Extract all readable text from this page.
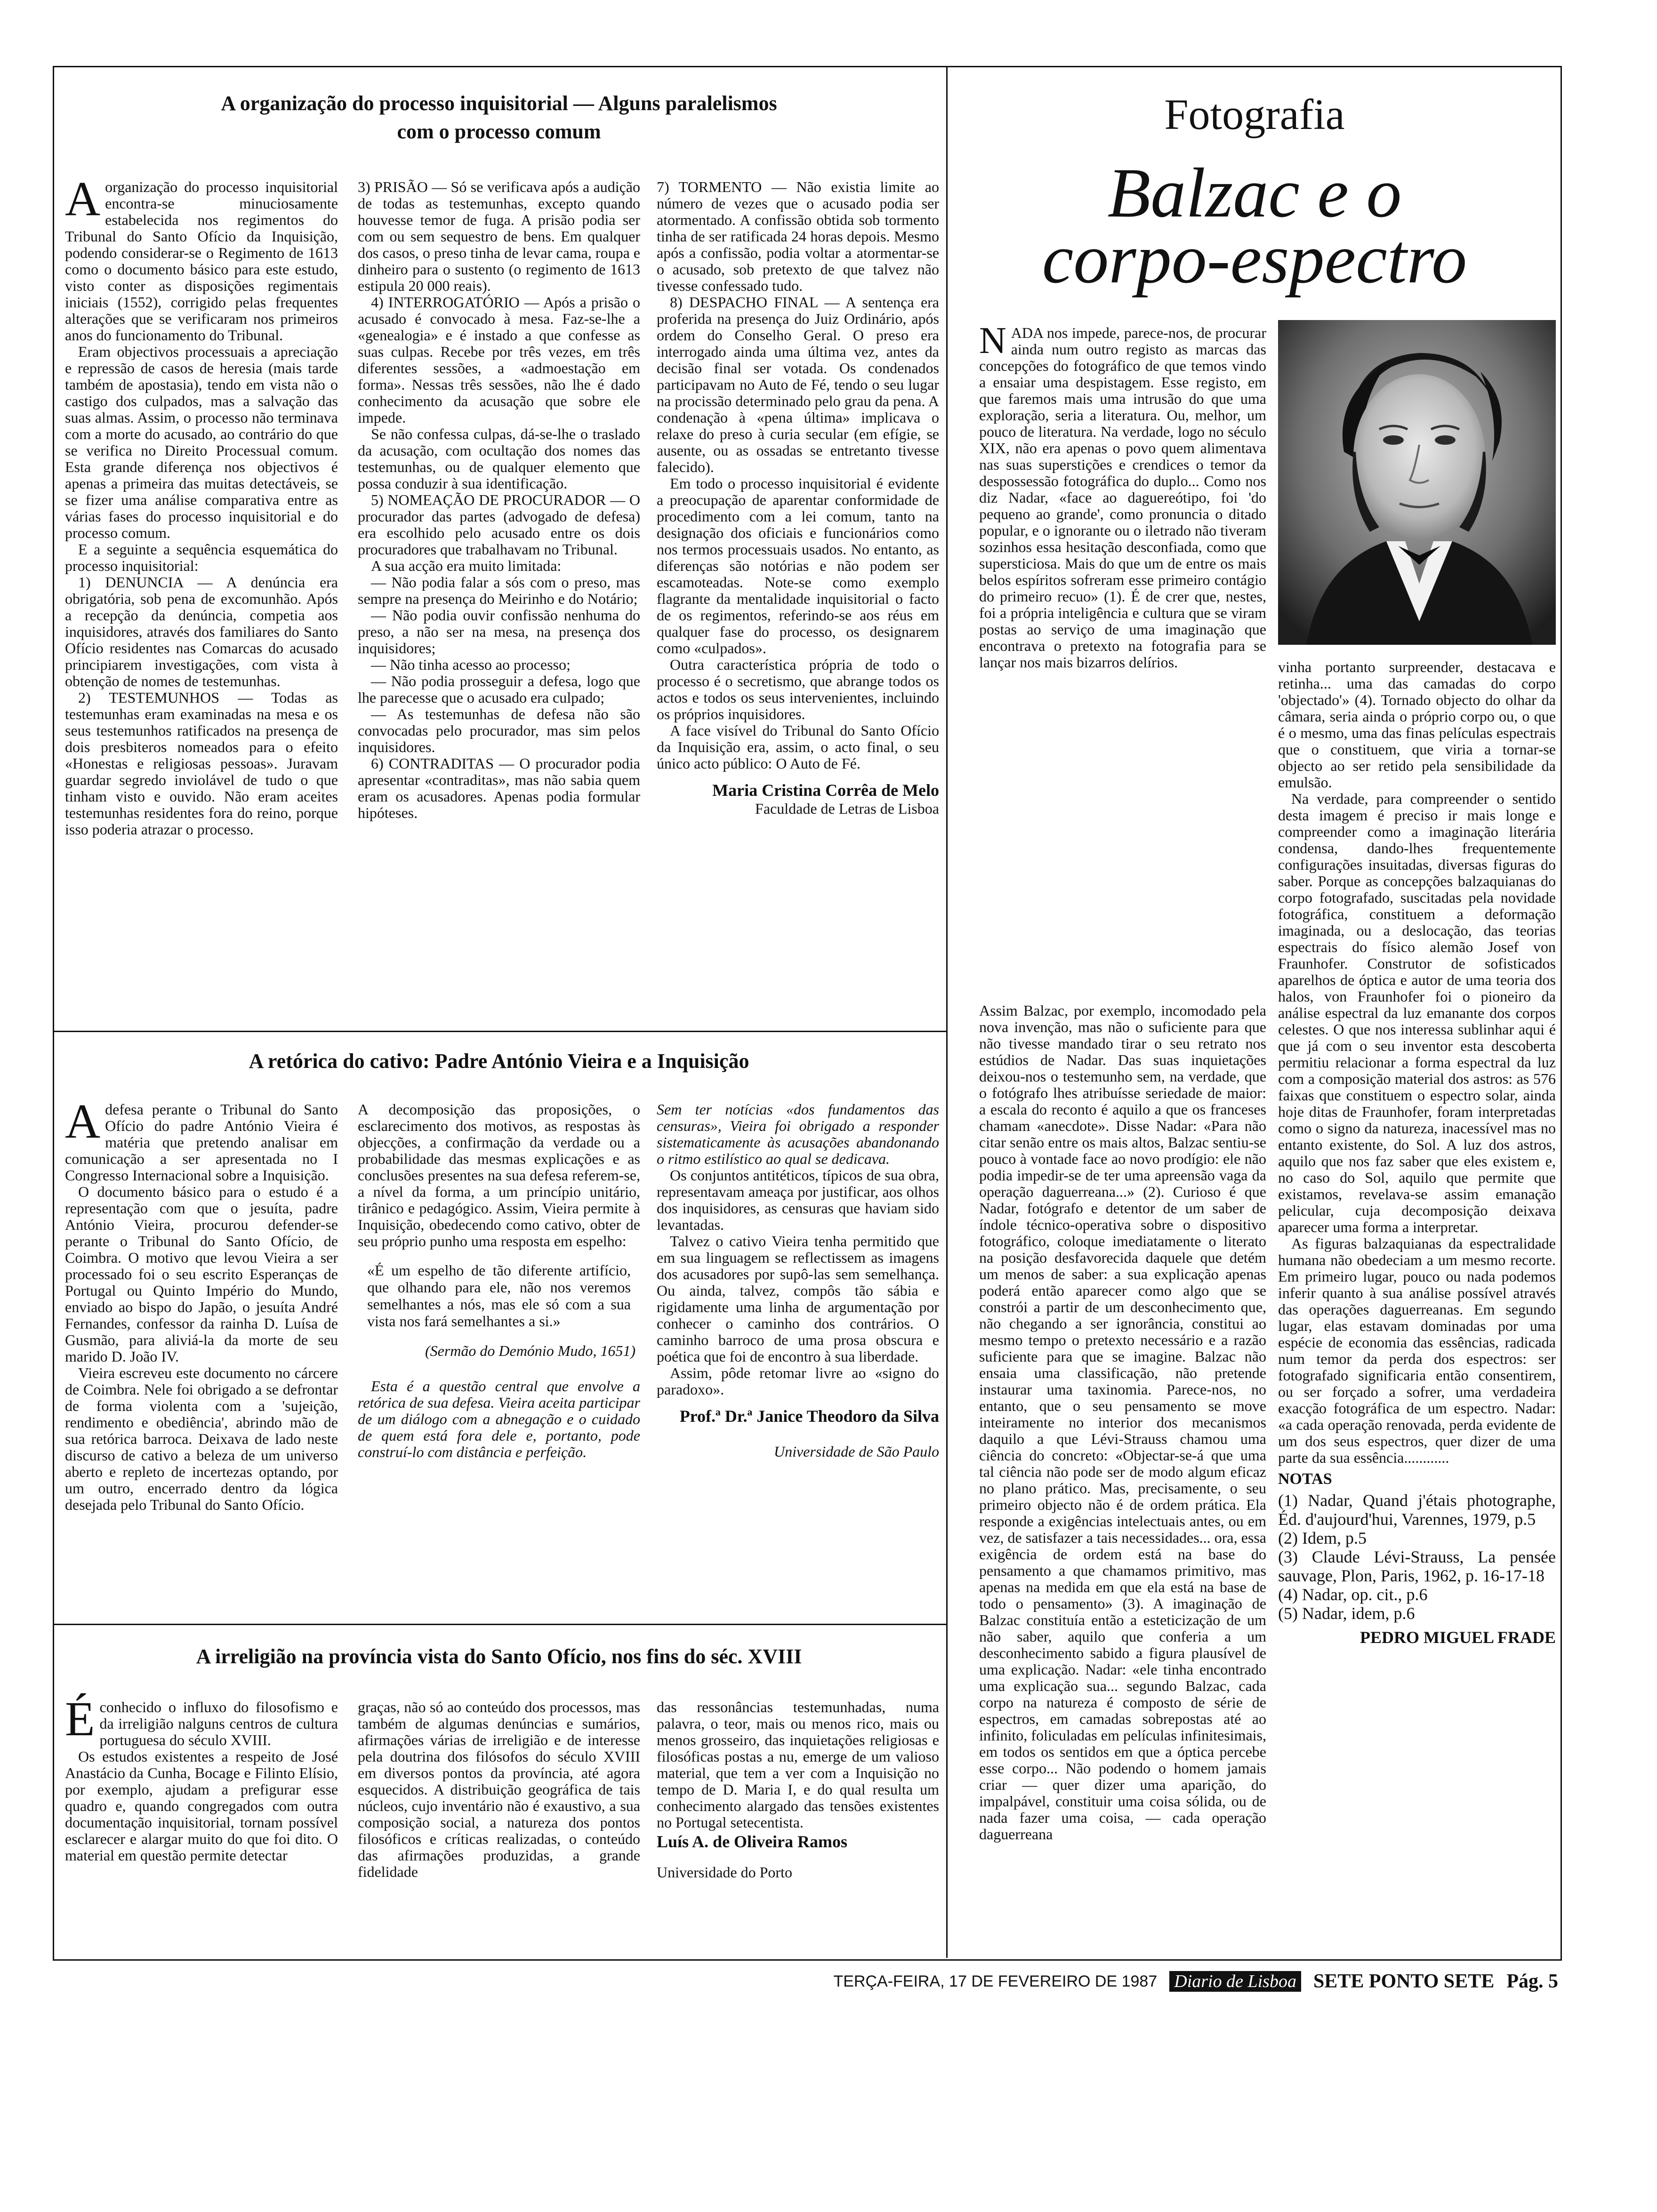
A organização do processo inquisitorial — Alguns paralelismos
com o processo comum

Aorganização do processo inquisitorial encontra-se minuciosamente estabelecida nos regimentos do Tribunal do Santo Ofício da Inquisição, podendo considerar-se o Regimento de 1613 como o documento básico para este estudo, visto conter as disposições regimentais iniciais (1552), corrigido pelas frequentes alterações que se verificaram nos primeiros anos do funcionamento do Tribunal.

Eram objectivos processuais a apreciação e repressão de casos de heresia (mais tarde também de apostasia), tendo em vista não o castigo dos culpados, mas a salvação das suas almas. Assim, o processo não terminava com a morte do acusado, ao contrário do que se verifica no Direito Processual comum. Esta grande diferença nos objectivos é apenas a primeira das muitas detectáveis, se se fizer uma análise comparativa entre as várias fases do processo inquisitorial e do processo comum.

E a seguinte a sequência esquemática do processo inquisitorial:

1) DENUNCIA — A denúncia era obrigatória, sob pena de excomunhão. Após a recepção da denúncia, competia aos inquisidores, através dos familiares do Santo Ofício residentes nas Comarcas do acusado principiarem investigações, com vista à obtenção de nomes de testemunhas.

2) TESTEMUNHOS — Todas as testemunhas eram examinadas na mesa e os seus testemunhos ratificados na presença de dois presbiteros nomeados para o efeito «Honestas e religiosas pessoas». Juravam guardar segredo inviolável de tudo o que tinham visto e ouvido. Não eram aceites testemunhas residentes fora do reino, porque isso poderia atrazar o processo.

3) PRISÃO — Só se verificava após a audição de todas as testemunhas, excepto quando houvesse temor de fuga. A prisão podia ser com ou sem sequestro de bens. Em qualquer dos casos, o preso tinha de levar cama, roupa e dinheiro para o sustento (o regimento de 1613 estipula 20 000 reais).

4) INTERROGATÓRIO — Após a prisão o acusado é convocado à mesa. Faz-se-lhe a «genealogia» e é instado a que confesse as suas culpas. Recebe por três vezes, em três diferentes sessões, a «admoestação em forma». Nessas três sessões, não lhe é dado conhecimento da acusação que sobre ele impede.

Se não confessa culpas, dá-se-lhe o traslado da acusação, com ocultação dos nomes das testemunhas, ou de qualquer elemento que possa conduzir à sua identificação.

5) NOMEAÇÃO DE PROCURADOR — O procurador das partes (advogado de defesa) era escolhido pelo acusado entre os dois procuradores que trabalhavam no Tribunal.

A sua acção era muito limitada:

— Não podia falar a sós com o preso, mas sempre na presença do Meirinho e do Notário;

— Não podia ouvir confissão nenhuma do preso, a não ser na mesa, na presença dos inquisidores;

— Não tinha acesso ao processo;

— Não podia prosseguir a defesa, logo que lhe parecesse que o acusado era culpado;

— As testemunhas de defesa não são convocadas pelo procurador, mas sim pelos inquisidores.

6) CONTRADITAS — O procurador podia apresentar «contraditas», mas não sabia quem eram os acusadores. Apenas podia formular hipóteses.

7) TORMENTO — Não existia limite ao número de vezes que o acusado podia ser atormentado. A confissão obtida sob tormento tinha de ser ratificada 24 horas depois. Mesmo após a confissão, podia voltar a atormentar-se o acusado, sob pretexto de que talvez não tivesse confessado tudo.

8) DESPACHO FINAL — A sentença era proferida na presença do Juiz Ordinário, após ordem do Conselho Geral. O preso era interrogado ainda uma última vez, antes da decisão final ser votada. Os condenados participavam no Auto de Fé, tendo o seu lugar na procissão determinado pelo grau da pena. A condenação à «pena última» implicava o relaxe do preso à curia secular (em efígie, se ausente, ou as ossadas se entretanto tivesse falecido).

Em todo o processo inquisitorial é evidente a preocupação de aparentar conformidade de procedimento com a lei comum, tanto na designação dos oficiais e funcionários como nos termos processuais usados. No entanto, as diferenças são notórias e não podem ser escamoteadas. Note-se como exemplo flagrante da mentalidade inquisitorial o facto de os regimentos, referindo-se aos réus em qualquer fase do processo, os designarem como «culpados».

Outra característica própria de todo o processo é o secretismo, que abrange todos os actos e todos os seus intervenientes, incluindo os próprios inquisidores.

A face visível do Tribunal do Santo Ofício da Inquisição era, assim, o acto final, o seu único acto público: O Auto de Fé.

Maria Cristina Corrêa de Melo
Faculdade de Letras de Lisboa
A retórica do cativo: Padre António Vieira e a Inquisição

Adefesa perante o Tribunal do Santo Ofício do padre António Vieira é matéria que pretendo analisar em comunicação a ser apresentada no I Congresso Internacional sobre a Inquisição.

O documento básico para o estudo é a representação com que o jesuíta, padre António Vieira, procurou defender-se perante o Tribunal do Santo Ofício, de Coimbra. O motivo que levou Vieira a ser processado foi o seu escrito Esperanças de Portugal ou Quinto Império do Mundo, enviado ao bispo do Japão, o jesuíta André Fernandes, confessor da rainha D. Luísa de Gusmão, para aliviá-la da morte de seu marido D. João IV.

Vieira escreveu este documento no cárcere de Coimbra. Nele foi obrigado a se defrontar de forma violenta com a 'sujeição, rendimento e obediência', abrindo mão de sua retórica barroca. Deixava de lado neste discurso de cativo a beleza de um universo aberto e repleto de incertezas optando, por um outro, encerrado dentro da lógica desejada pelo Tribunal do Santo Ofício.

A decomposição das proposições, o esclarecimento dos motivos, as respostas às objecções, a confirmação da verdade ou a probabilidade das mesmas explicações e as conclusões presentes na sua defesa referem-se, a nível da forma, a um princípio unitário, tirânico e pedagógico. Assim, Vieira permite à Inquisição, obedecendo como cativo, obter de seu próprio punho uma resposta em espelho:

«É um espelho de tão diferente artifício, que olhando para ele, não nos veremos semelhantes a nós, mas ele só com a sua vista nos fará semelhantes a si.»
(Sermão do Demónio Mudo, 1651)

Esta é a questão central que envolve a retórica de sua defesa. Vieira aceita participar de um diálogo com a abnegação e o cuidado de quem está fora dele e, portanto, pode construí-lo com distância e perfeição.

Sem ter notícias «dos fundamentos das censuras», Vieira foi obrigado a responder sistematicamente às acusações abandonando o ritmo estilístico ao qual se dedicava.

Os conjuntos antitéticos, típicos de sua obra, representavam ameaça por justificar, aos olhos dos inquisidores, as censuras que haviam sido levantadas.

Talvez o cativo Vieira tenha permitido que em sua linguagem se reflectissem as imagens dos acusadores por supô-las sem semelhança. Ou ainda, talvez, compôs tão sábia e rigidamente uma linha de argumentação por conhecer o caminho dos contrários. O caminho barroco de uma prosa obscura e poética que foi de encontro à sua liberdade.

Assim, pôde retomar livre ao «signo do paradoxo».

Prof.ª Dr.ª Janice Theodoro da Silva
Universidade de São Paulo
A irreligião na província vista do Santo Ofício, nos fins do séc. XVIII

Éconhecido o influxo do filosofismo e da irreligião nalguns centros de cultura portuguesa do século XVIII.

Os estudos existentes a respeito de José Anastácio da Cunha, Bocage e Filinto Elísio, por exemplo, ajudam a prefigurar esse quadro e, quando congregados com outra documentação inquisitorial, tornam possível esclarecer e alargar muito do que foi dito. O material em questão permite detectar

graças, não só ao conteúdo dos processos, mas também de algumas denúncias e sumários, afirmações várias de irreligião e de interesse pela doutrina dos filósofos do século XVIII em diversos pontos da província, até agora esquecidos. A distribuição geográfica de tais núcleos, cujo inventário não é exaustivo, a sua composição social, a natureza dos pontos filosóficos e críticas realizadas, o conteúdo das afirmações produzidas, a grande fidelidade

das ressonâncias testemunhadas, numa palavra, o teor, mais ou menos rico, mais ou menos grosseiro, das inquietações religiosas e filosóficas postas a nu, emerge de um valioso material, que tem a ver com a Inquisição no tempo de D. Maria I, e do qual resulta um conhecimento alargado das tensões existentes no Portugal setecentista.

Luís A. de Oliveira Ramos
Universidade do Porto
Fotografia
Balzac e o
corpo-espectro

NADA nos impede, parece-nos, de procurar ainda num outro registo as marcas das concepções do fotográfico de que temos vindo a ensaiar uma despistagem. Esse registo, em que faremos mais uma intrusão do que uma exploração, seria a literatura. Ou, melhor, um pouco de literatura. Na verdade, logo no século XIX, não era apenas o povo quem alimentava nas suas superstições e crendices o temor da despossessão fotográfica do duplo... Como nos diz Nadar, «face ao daguereótipo, foi 'do pequeno ao grande', como pronuncia o ditado popular, e o ignorante ou o iletrado não tiveram sozinhos essa hesitação desconfiada, como que supersticiosa. Mais do que um de entre os mais belos espíritos sofreram esse primeiro contágio do primeiro recuo» (1). É de crer que, nestes, foi a própria inteligência e cultura que se viram postas ao serviço de uma imaginação que encontrava o pretexto na fotografia para se lançar nos mais bizarros delírios.

Assim Balzac, por exemplo, incomodado pela nova invenção, mas não o suficiente para que não tivesse mandado tirar o seu retrato nos estúdios de Nadar. Das suas inquietações deixou-nos o testemunho sem, na verdade, que o fotógrafo lhes atribuísse seriedade de maior: a escala do reconto é aquilo a que os franceses chamam «anecdote». Disse Nadar: «Para não citar senão entre os mais altos, Balzac sentiu-se pouco à vontade face ao novo prodígio: ele não podia impedir-se de ter uma apreensão vaga da operação daguerreana...» (2). Curioso é que Nadar, fotógrafo e detentor de um saber de índole técnico-operativa sobre o dispositivo fotográfico, coloque imediatamente o literato na posição desfavorecida daquele que detém um menos de saber: a sua explicação apenas poderá então aparecer como algo que se constrói a partir de um desconhecimento que, não chegando a ser ignorância, constitui ao mesmo tempo o pretexto necessário e a razão suficiente para que se imagine. Balzac não ensaia uma classificação, não pretende instaurar uma taxinomia. Parece-nos, no entanto, que o seu pensamento se move inteiramente no interior dos mecanismos daquilo a que Lévi-Strauss chamou uma ciência do concreto: «Objectar-se-á que uma tal ciência não pode ser de modo algum eficaz no plano prático. Mas, precisamente, o seu primeiro objecto não é de ordem prática. Ela responde a exigências intelectuais antes, ou em vez, de satisfazer a tais necessidades... ora, essa exigência de ordem está na base do pensamento a que chamamos primitivo, mas apenas na medida em que ela está na base de todo o pensamento» (3). A imaginação de Balzac constituía então a esteticização de um não saber, aquilo que conferia a um desconhecimento sabido a figura plausível de uma explicação. Nadar: «ele tinha encontrado uma explicação sua... segundo Balzac, cada corpo na natureza é composto de série de espectros, em camadas sobrepostas até ao infinito, foliculadas em películas infinitesimais, em todos os sentidos em que a óptica percebe esse corpo... Não podendo o homem jamais criar — quer dizer uma aparição, do impalpável, constituir uma coisa sólida, ou de nada fazer uma coisa, — cada operação daguerreana

vinha portanto surpreender, destacava e retinha... uma das camadas do corpo 'objectado'» (4). Tornado objecto do olhar da câmara, seria ainda o próprio corpo ou, o que é o mesmo, uma das finas películas espectrais que o constituem, que viria a tornar-se objecto ao ser retido pela sensibilidade da emulsão.

Na verdade, para compreender o sentido desta imagem é preciso ir mais longe e compreender como a imaginação literária condensa, dando-lhes frequentemente configurações insuitadas, diversas figuras do saber. Porque as concepções balzaquianas do corpo fotografado, suscitadas pela novidade fotográfica, constituem a deformação imaginada, ou a deslocação, das teorias espectrais do físico alemão Josef von Fraunhofer. Construtor de sofisticados aparelhos de óptica e autor de uma teoria dos halos, von Fraunhofer foi o pioneiro da análise espectral da luz emanante dos corpos celestes. O que nos interessa sublinhar aqui é que já com o seu inventor esta descoberta permitiu relacionar a forma espectral da luz com a composição material dos astros: as 576 faixas que constituem o espectro solar, ainda hoje ditas de Fraunhofer, foram interpretadas como o signo da natureza, inacessível mas no entanto existente, do Sol. A luz dos astros, aquilo que nos faz saber que eles existem e, no caso do Sol, aquilo que permite que existamos, revelava-se assim emanação pelicular, cuja decomposição deixava aparecer uma forma a interpretar.

As figuras balzaquianas da espectralidade humana não obedeciam a um mesmo recorte. Em primeiro lugar, pouco ou nada podemos inferir quanto à sua análise possível através das operações daguerreanas. Em segundo lugar, elas estavam dominadas por uma espécie de economia das essências, radicada num temor da perda dos espectros: ser fotografado significaria então consentirem, ou ser forçado a sofrer, uma verdadeira exacção fotográfica de um espectro. Nadar: «a cada operação renovada, perda evidente de um dos seus espectros, quer dizer de uma parte da sua essência............

NOTAS
(1) Nadar, Quand j'étais photographe, Éd. d'aujourd'hui, Varennes, 1979, p.5
(2) Idem, p.5
(3) Claude Lévi-Strauss, La pensée sauvage, Plon, Paris, 1962, p. 16-17-18
(4) Nadar, op. cit., p.6
(5) Nadar, idem, p.6
PEDRO MIGUEL FRADE
TERÇA-FEIRA, 17 DE FEVEREIRO DE 1987 Diario de Lisboa SETE PONTO SETE Pág. 5
